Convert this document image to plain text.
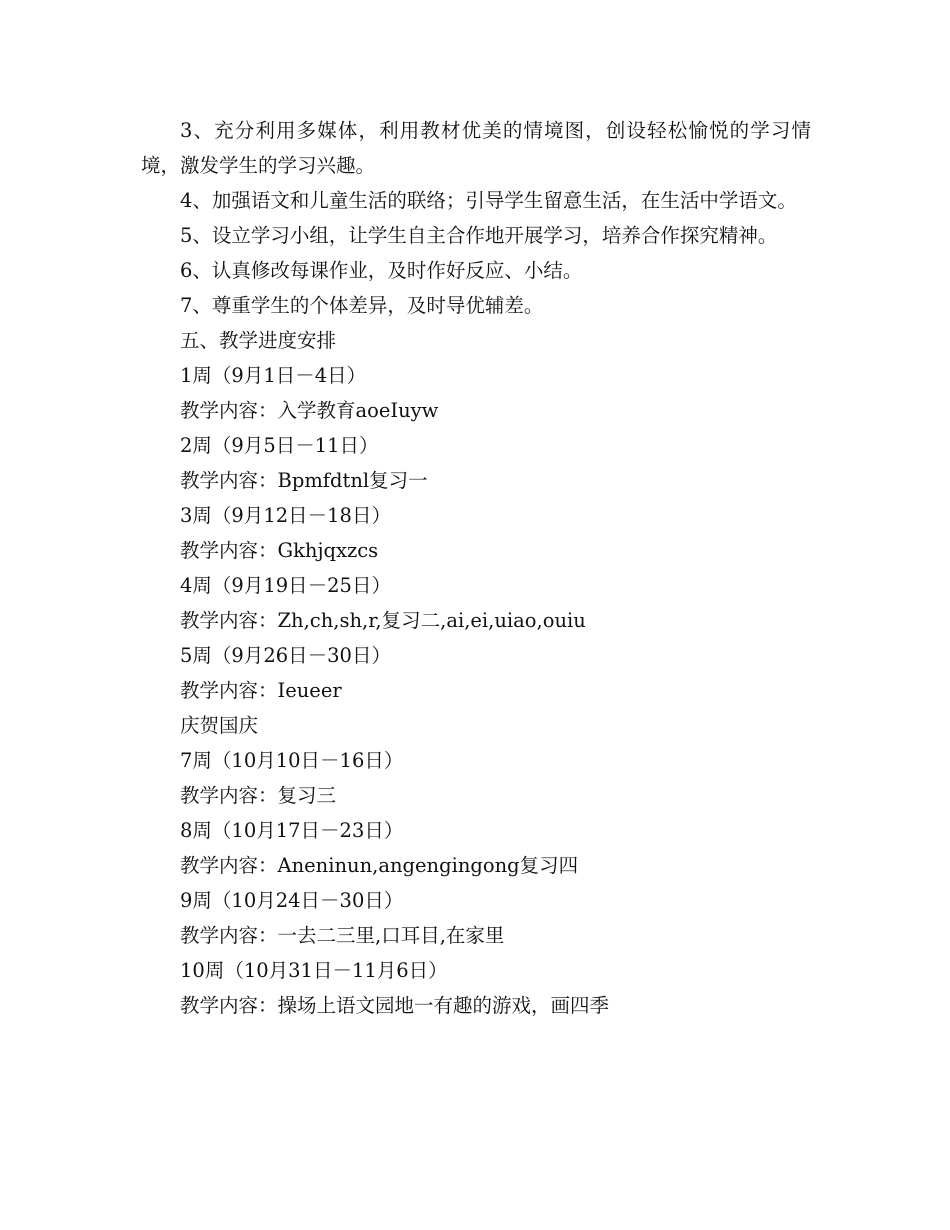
3、充分利用多媒体，利用教材优美的情境图，创设轻松愉悦的学习情境，激发学生的学习兴趣。

4、加强语文和儿童生活的联络；引导学生留意生活，在生活中学语文。

5、设立学习小组，让学生自主合作地开展学习，培养合作探究精神。

6、认真修改每课作业，及时作好反应、小结。

7、尊重学生的个体差异，及时导优辅差。

五、教学进度安排

1周（9月1日－4日）

教学内容：入学教育aoeIuyw

2周（9月5日－11日）

教学内容：Bpmfdtnl复习一

3周（9月12日－18日）

教学内容：Gkhjqxzcs

4周（9月19日－25日）

教学内容：Zh,ch,sh,r,复习二,ai,ei,uiao,ouiu

5周（9月26日－30日）

教学内容：Ieueer

庆贺国庆

7周（10月10日－16日）

教学内容：复习三

8周（10月17日－23日）

教学内容：Aneninun,angengingong复习四

9周（10月24日－30日）

教学内容：一去二三里,口耳目,在家里

10周（10月31日－11月6日）

教学内容：操场上语文园地一有趣的游戏，画四季
